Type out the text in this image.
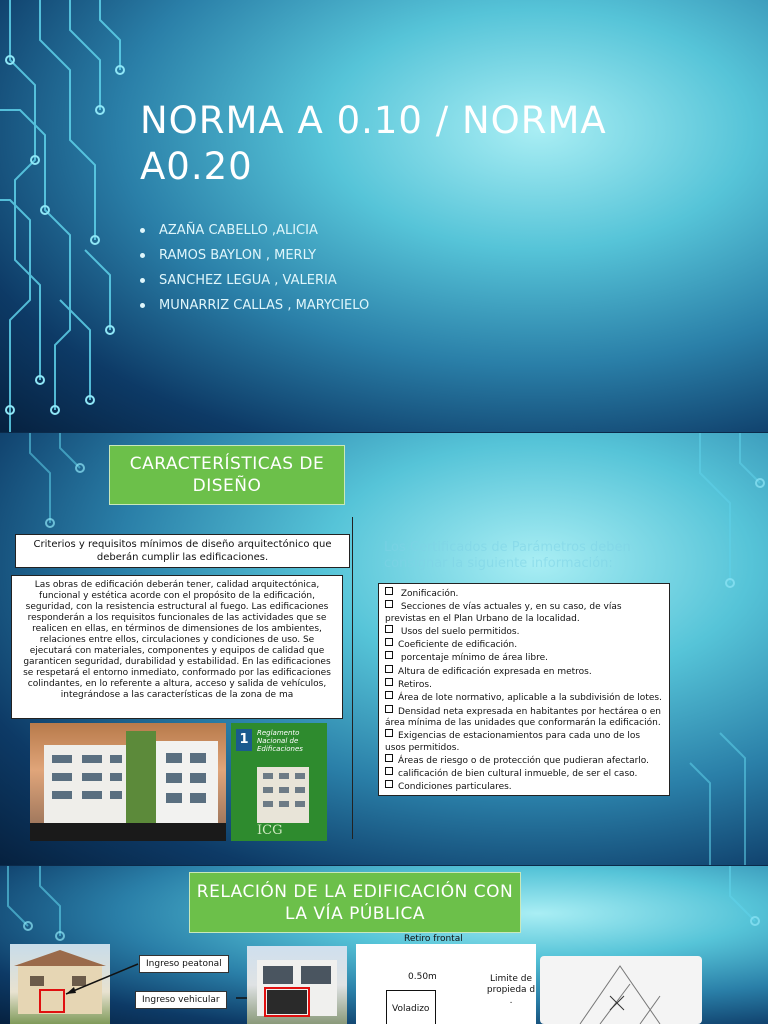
NORMA A 0.10 / NORMA A0.20
AZAÑA CABELLO ,ALICIA
RAMOS BAYLON , MERLY
SANCHEZ LEGUA , VALERIA
MUNARRIZ CALLAS , MARYCIELO
CARACTERÍSTICAS DE DISEÑO
Criterios y requisitos mínimos de diseño arquitectónico que deberán cumplir las edificaciones.
Las obras de edificación deberán tener, calidad arquitectónica, funcional y estética acorde con el propósito de la edificación, seguridad, con la resistencia estructural al fuego. Las edificaciones responderán a los requisitos funcionales de las actividades que se realicen en ellas, en términos de dimensiones de los ambientes, relaciones entre ellos, circulaciones y condiciones de uso. Se ejecutará con materiales, componentes y equipos de calidad que garanticen seguridad, durabilidad y estabilidad. En las edificaciones se respetará el entorno inmediato, conformado por las edificaciones colindantes, en lo referente a altura, acceso y salida de vehículos, integrándose a las características de la zona de ma
1	Reglamento Nacional de Edificaciones
ICG
Los Certificados de Parámetros deben consignar la siguiente información:
Zonificación.
Secciones de vías actuales y, en su caso, de vías previstas en el Plan Urbano de la localidad.
Usos del suelo permitidos.
Coeficiente de edificación.
porcentaje mínimo de área libre.
Altura de edificación expresada en metros.
Retiros.
Área de lote normativo, aplicable a la subdivisión de lotes.
Densidad neta expresada en habitantes por hectárea o en área mínima de las unidades que conformarán la edificación.
Exigencias de estacionamientos para cada uno de los usos permitidos.
Áreas de riesgo o de protección que pudieran afectarlo.
calificación de bien cultural inmueble, de ser el caso.
Condiciones particulares.
RELACIÓN DE LA EDIFICACIÓN CON LA VÍA PÚBLICA
Ingreso peatonal
Ingreso vehicular
Retiro frontal
0.50m
Voladizo
Limite de propieda d .
